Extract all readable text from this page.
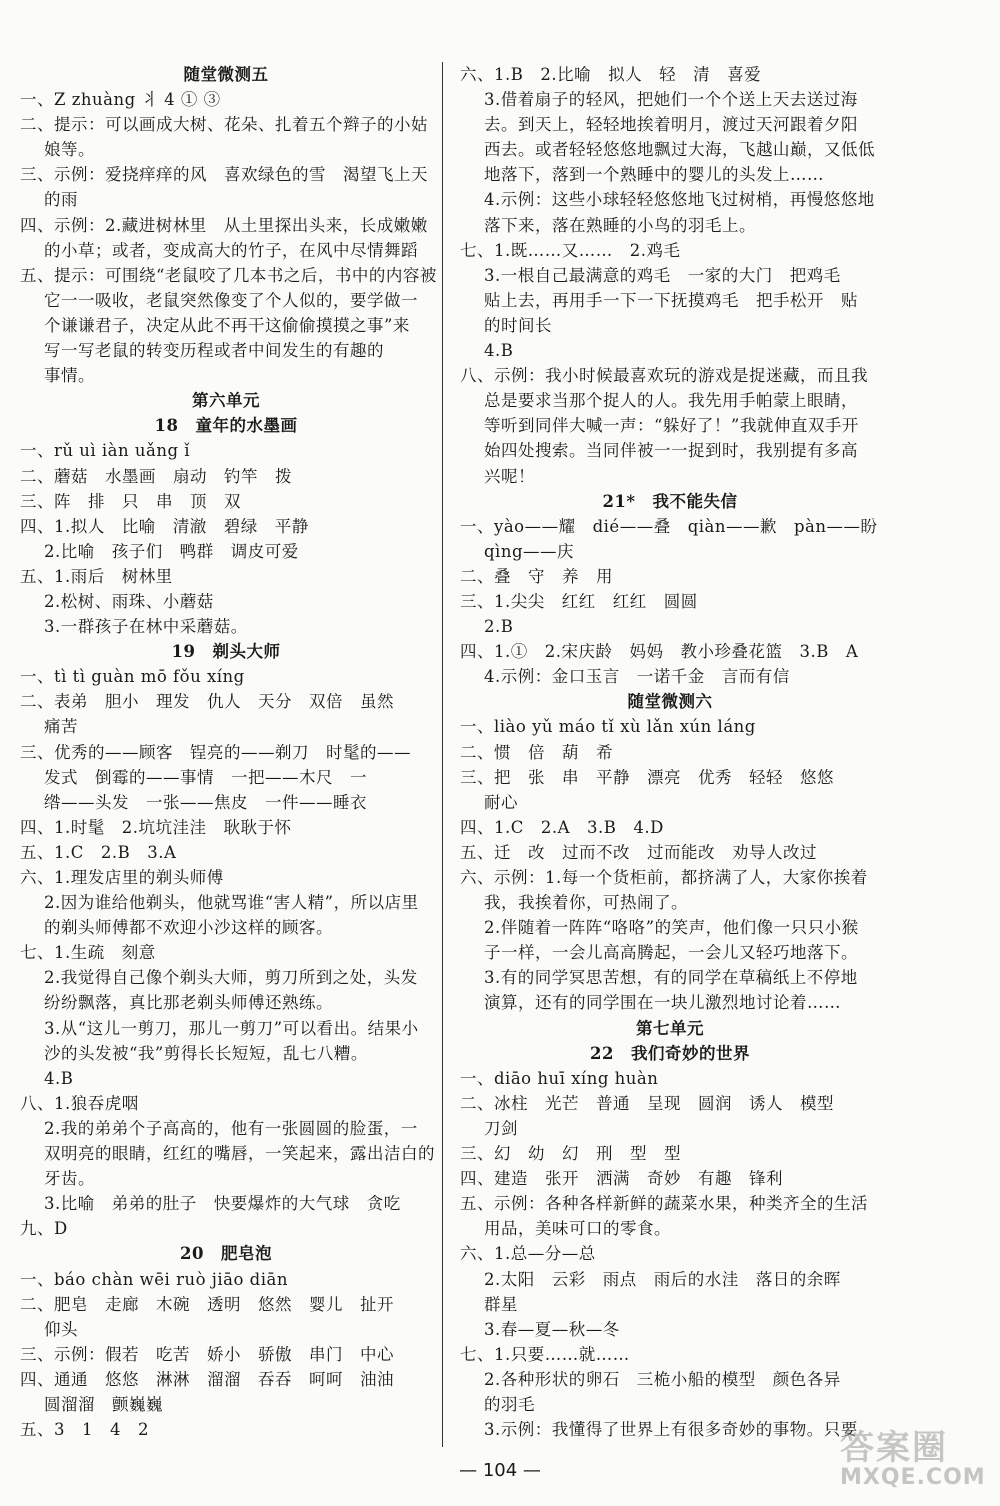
随堂微测五
一、Z zhuàng 丬 4 ① ③
二、提示：可以画成大树、花朵、扎着五个辫子的小姑
娘等。
三、示例：爱挠痒痒的风　喜欢绿色的雪　渴望飞上天
的雨
四、示例：2.藏进树林里　从土里探出头来，长成嫩嫩
的小草；或者，变成高大的竹子，在风中尽情舞蹈
五、提示：可围绕“老鼠咬了几本书之后，书中的内容被
它一一吸收，老鼠突然像变了个人似的，要学做一
个谦谦君子，决定从此不再干这偷偷摸摸之事”来
写一写老鼠的转变历程或者中间发生的有趣的
事情。
第六单元
18　童年的水墨画
一、rǔ uì iàn uǎng ǐ
二、蘑菇　水墨画　扇动　钓竿　拨
三、阵　排　只　串　顶　双
四、1.拟人　比喻　清澈　碧绿　平静
2.比喻　孩子们　鸭群　调皮可爱
五、1.雨后　树林里
2.松树、雨珠、小蘑菇
3.一群孩子在林中采蘑菇。
19　剃头大师
一、tì tì guàn mō fǒu xíng
二、表弟　胆小　理发　仇人　天分　双倍　虽然
痛苦
三、优秀的——顾客　锃亮的——剃刀　时髦的——
发式　倒霉的——事情　一把——木尺　一
绺——头发　一张——焦皮　一件——睡衣
四、1.时髦　2.坑坑洼洼　耿耿于怀
五、1.C　2.B　3.A
六、1.理发店里的剃头师傅
2.因为谁给他剃头，他就骂谁“害人精”，所以店里
的剃头师傅都不欢迎小沙这样的顾客。
七、1.生疏　刻意
2.我觉得自己像个剃头大师，剪刀所到之处，头发
纷纷飘落，真比那老剃头师傅还熟练。
3.从“这儿一剪刀，那儿一剪刀”可以看出。结果小
沙的头发被“我”剪得长长短短，乱七八糟。
4.B
八、1.狼吞虎咽
2.我的弟弟个子高高的，他有一张圆圆的脸蛋，一
双明亮的眼睛，红红的嘴唇，一笑起来，露出洁白的
牙齿。
3.比喻　弟弟的肚子　快要爆炸的大气球　贪吃
九、D
20　肥皂泡
一、báo chàn wēi ruò jiāo diān
二、肥皂　走廊　木碗　透明　悠然　婴儿　扯开
仰头
三、示例：假若　吃苦　娇小　骄傲　串门　中心
四、通通　悠悠　淋淋　溜溜　吞吞　呵呵　油油
圆溜溜　颤巍巍
五、3　1　4　2
六、1.B　2.比喻　拟人　轻　清　喜爱
3.借着扇子的轻风，把她们一个个送上天去送过海
去。到天上，轻轻地挨着明月，渡过天河跟着夕阳
西去。或者轻轻悠悠地飘过大海，飞越山巅，又低低
地落下，落到一个熟睡中的婴儿的头发上……
4.示例：这些小球轻轻悠悠地飞过树梢，再慢悠悠地
落下来，落在熟睡的小鸟的羽毛上。
七、1.既……又……　2.鸡毛
3.一根自己最满意的鸡毛　一家的大门　把鸡毛
贴上去，再用手一下一下抚摸鸡毛　把手松开　贴
的时间长
4.B
八、示例：我小时候最喜欢玩的游戏是捉迷藏，而且我
总是要求当那个捉人的人。我先用手帕蒙上眼睛，
等听到同伴大喊一声：“躲好了！”我就伸直双手开
始四处搜索。当同伴被一一捉到时，我别提有多高
兴呢！
21*　我不能失信
一、yào——耀　dié——叠　qiàn——歉　pàn——盼
qìng——庆
二、叠　守　养　用
三、1.尖尖　红红　红红　圆圆
2.B
四、1.①　2.宋庆龄　妈妈　教小珍叠花篮　3.B　A
4.示例：金口玉言　一诺千金　言而有信
随堂微测六
一、liào yǔ máo tǐ xù lǎn xún láng
二、惯　倍　葫　希
三、把　张　串　平静　漂亮　优秀　轻轻　悠悠
耐心
四、1.C　2.A　3.B　4.D
五、迁　改　过而不改　过而能改　劝导人改过
六、示例：1.每一个货柜前，都挤满了人，大家你挨着
我，我挨着你，可热闹了。
2.伴随着一阵阵“咯咯”的笑声，他们像一只只小猴
子一样，一会儿高高腾起，一会儿又轻巧地落下。
3.有的同学冥思苦想，有的同学在草稿纸上不停地
演算，还有的同学围在一块儿激烈地讨论着……
第七单元
22　我们奇妙的世界
一、diāo huī xíng huàn
二、冰柱　光芒　普通　呈现　圆润　诱人　模型
刀剑
三、幻　幼　幻　刑　型　型
四、建造　张开　洒满　奇妙　有趣　锋利
五、示例：各种各样新鲜的蔬菜水果，种类齐全的生活
用品，美味可口的零食。
六、1.总—分—总
2.太阳　云彩　雨点　雨后的水洼　落日的余晖
群星
3.春—夏—秋—冬
七、1.只要……就……
2.各种形状的卵石　三桅小船的模型　颜色各异
的羽毛
3.示例：我懂得了世界上有很多奇妙的事物。只要
— 104 —
答案圈
MXQE.COM
